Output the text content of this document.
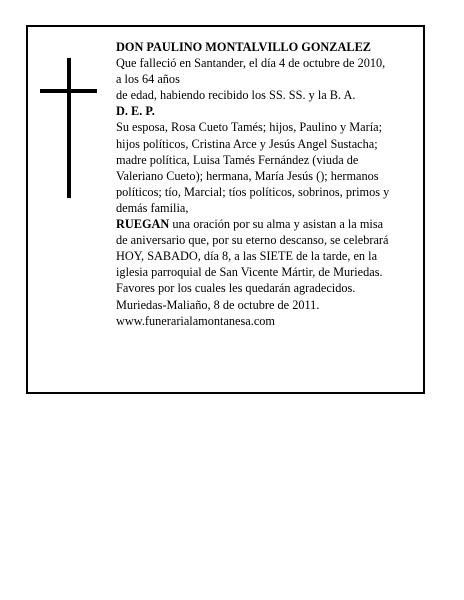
DON PAULINO MONTALVILLO GONZALEZ
Que falleció en Santander, el día 4 de octubre de 2010,
a los 64 años
de edad, habiendo recibido los SS. SS. y la B. A.
D. E. P.
Su esposa, Rosa Cueto Tamés; hijos, Paulino y María;
hijos políticos, Cristina Arce y Jesús Angel Sustacha;
madre política, Luisa Tamés Fernández (viuda de
Valeriano Cueto); hermana, María Jesús (); hermanos
políticos; tío, Marcial; tíos políticos, sobrinos, primos y
demás familia,
RUEGAN una oración por su alma y asistan a la misa
de aniversario que, por su eterno descanso, se celebrará
HOY, SABADO, día 8, a las SIETE de la tarde, en la
iglesia parroquial de San Vicente Mártir, de Muriedas.
Favores por los cuales les quedarán agradecidos.
Muriedas-Maliaño, 8 de octubre de 2011.
www.funerarialamontanesa.com
